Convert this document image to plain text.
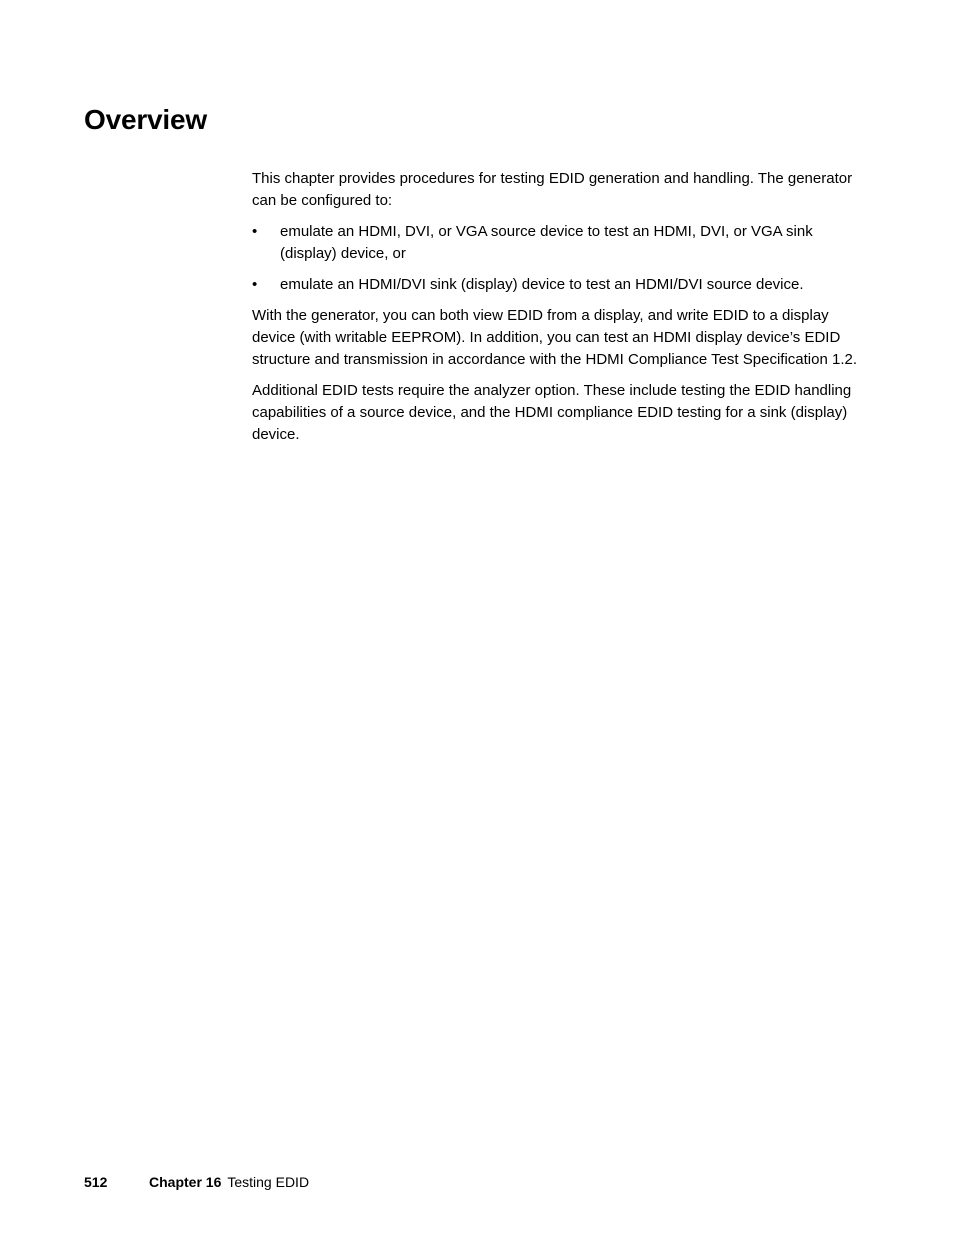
Overview

This chapter provides procedures for testing EDID generation and handling. The generator can be configured to:

•	emulate an HDMI, DVI, or VGA source device to test an HDMI, DVI, or VGA sink (display) device, or
•	emulate an HDMI/DVI sink (display) device to test an HDMI/DVI source device.

With the generator, you can both view EDID from a display, and write EDID to a display device (with writable EEPROM). In addition, you can test an HDMI display device’s EDID structure and transmission in accordance with the HDMI Compliance Test Specification 1.2.

Additional EDID tests require the analyzer option. These include testing the EDID handling capabilities of a source device, and the HDMI compliance EDID testing for a sink (display) device.

512	Chapter 16 Testing EDID
